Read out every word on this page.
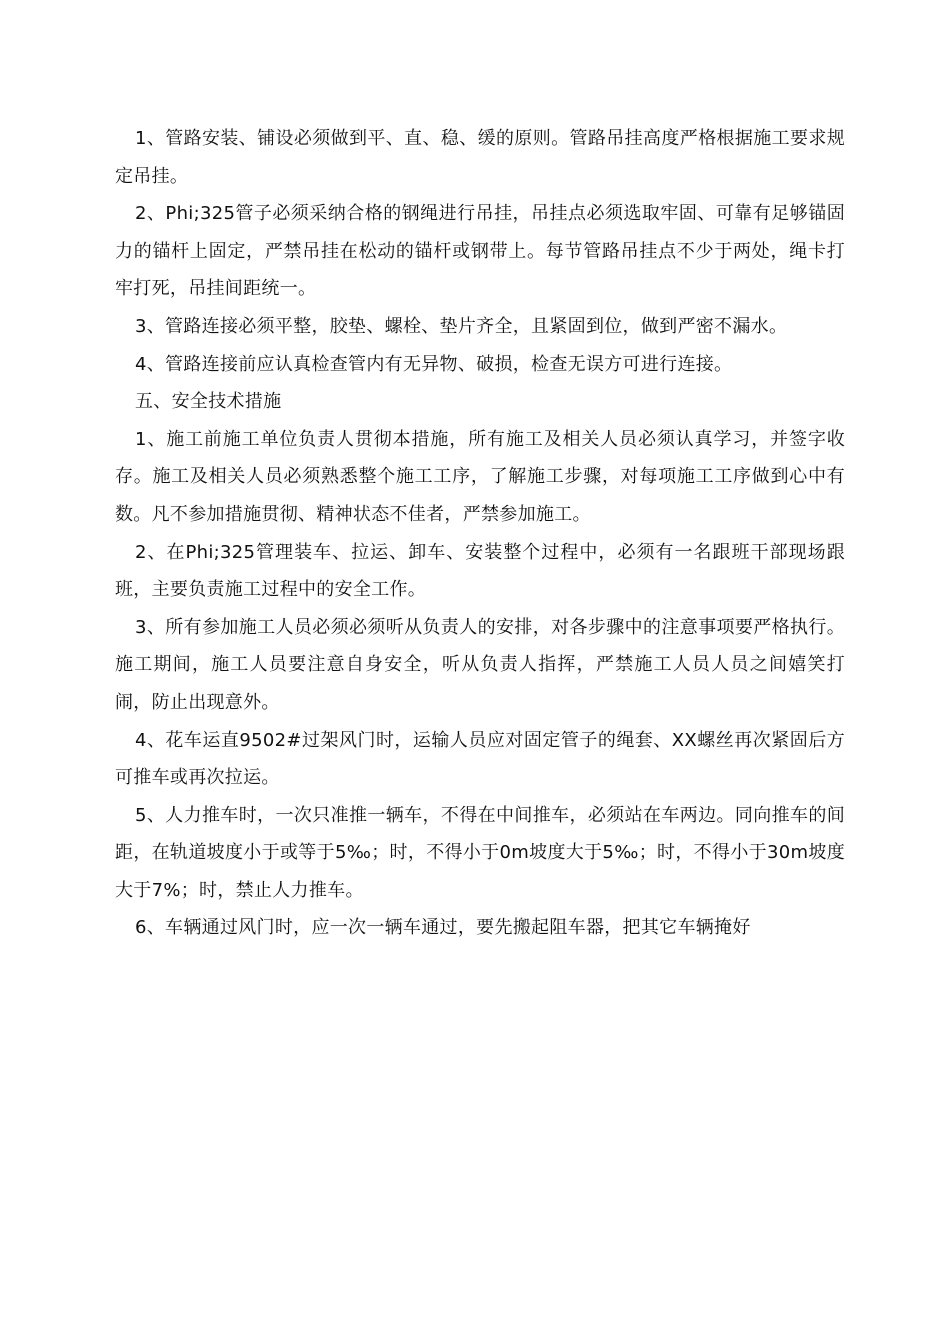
1、管路安装、铺设必须做到平、直、稳、缓的原则。管路吊挂高度严格根据施工要求规定吊挂。

2、Phi;325管子必须采纳合格的钢绳进行吊挂，吊挂点必须选取牢固、可靠有足够锚固力的锚杆上固定，严禁吊挂在松动的锚杆或钢带上。每节管路吊挂点不少于两处，绳卡打牢打死，吊挂间距统一。

3、管路连接必须平整，胶垫、螺栓、垫片齐全，且紧固到位，做到严密不漏水。

4、管路连接前应认真检查管内有无异物、破损，检查无误方可进行连接。

五、安全技术措施

1、施工前施工单位负责人贯彻本措施，所有施工及相关人员必须认真学习，并签字收存。施工及相关人员必须熟悉整个施工工序，了解施工步骤，对每项施工工序做到心中有数。凡不参加措施贯彻、精神状态不佳者，严禁参加施工。

2、在Phi;325管理装车、拉运、卸车、安装整个过程中，必须有一名跟班干部现场跟班，主要负责施工过程中的安全工作。

3、所有参加施工人员必须必须听从负责人的安排，对各步骤中的注意事项要严格执行。施工期间，施工人员要注意自身安全，听从负责人指挥，严禁施工人员人员之间嬉笑打闹，防止出现意外。

4、花车运直9502#过架风门时，运输人员应对固定管子的绳套、XX螺丝再次紧固后方可推车或再次拉运。

5、人力推车时，一次只准推一辆车，不得在中间推车，必须站在车两边。同向推车的间距，在轨道坡度小于或等于5‰；时，不得小于0m坡度大于5‰；时，不得小于30m坡度大于7%；时，禁止人力推车。

6、车辆通过风门时，应一次一辆车通过，要先搬起阻车器，把其它车辆掩好
